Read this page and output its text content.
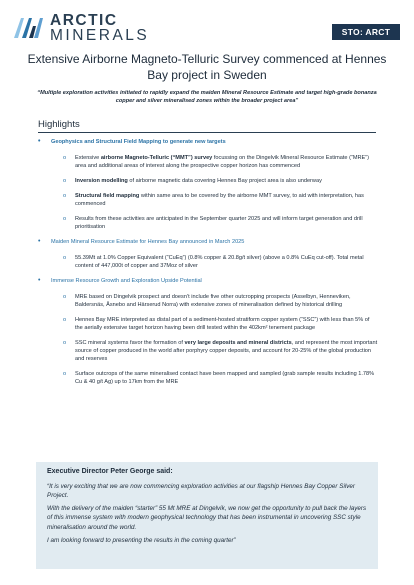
ARCTIC
MINERALS	STO: ARCT
Extensive Airborne Magneto-Telluric Survey commenced at Hennes Bay project in Sweden
“Multiple exploration activities initiated to rapidly expand the maiden Mineral Resource Estimate and target high-grade bonanza copper and silver mineralised zones within the broader project area”
Highlights
• Geophysics and Structural Field Mapping to generate new targets
o Extensive airborne Magneto-Telluric (“MMT”) survey focussing on the Dingelvik Mineral Resource Estimate (“MRE”) area and additional areas of interest along the prospective copper horizon has commenced
o Inversion modelling of airborne magnetic data covering Hennes Bay project area is also underway
o Structural field mapping within same area to be covered by the airborne MMT survey, to aid with interpretation, has commenced
o Results from these activities are anticipated in the September quarter 2025 and will inform target generation and drill prioritisation
• Maiden Mineral Resource Estimate for Hennes Bay announced in March 2025
o 55.39Mt at 1.0% Copper Equivalent (“CuEq”) (0.8% copper & 20.8g/t silver) (above a 0.8% CuEq cut-off). Total metal content of 447,000t of copper and 37Moz of silver
• Immense Resource Growth and Exploration Upside Potential
o MRE based on Dingelvik prospect and doesn’t include five other outcropping prospects (Asselbyn, Henneviken, Baldersnäs, Åsnebo and Härserud Norra) with extensive zones of mineralisation defined by historical drilling
o Hennes Bay MRE interpreted as distal part of a sediment-hosted stratiform copper system (“SSC”) with less than 5% of the aerially extensive target horizon having been drill tested within the 402km² tenement package
o SSC mineral systems favor the formation of very large deposits and mineral districts, and represent the most important source of copper produced in the world after porphyry copper deposits, and account for 20-25% of the global production and reserves
o Surface outcrops of the same mineralised contact have been mapped and sampled (grab sample results including 1.78% Cu & 40 g/t Ag) up to 17km from the MRE
Executive Director Peter George said:
“It is very exciting that we are now commencing exploration activities at our flagship Hennes Bay Copper Silver Project.
With the delivery of the maiden “starter” 55 Mt MRE at Dingelvik, we now get the opportunity to pull back the layers of this immense system with modern geophysical technology that has been instrumental in uncovering SSC style mineralisation around the world.
I am looking forward to presenting the results in the coming quarter”
